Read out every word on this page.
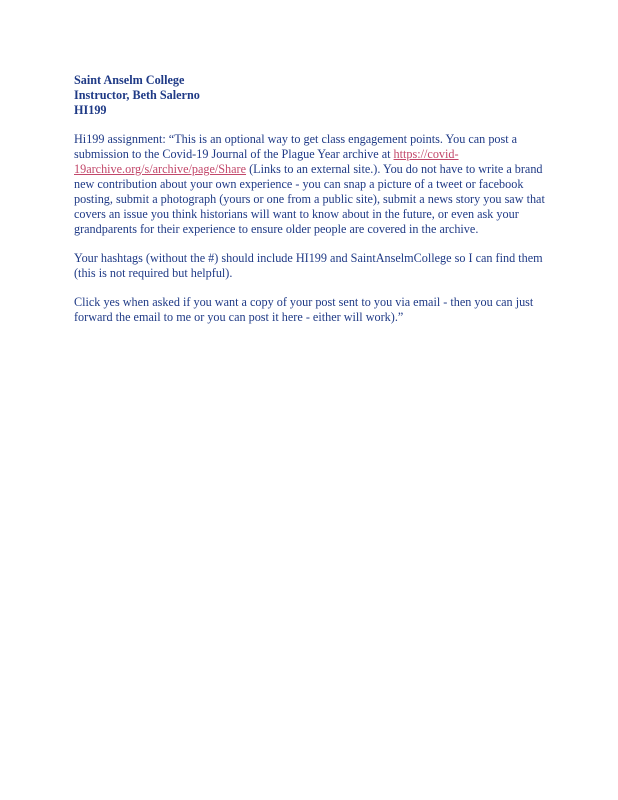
Saint Anselm College

Instructor, Beth Salerno

HI199

Hi199 assignment: “This is an optional way to get class engagement points. You can post a submission to the Covid-19 Journal of the Plague Year archive at https://covid-19archive.org/s/archive/page/Share (Links to an external site.). You do not have to write a brand new contribution about your own experience - you can snap a picture of a tweet or facebook posting, submit a photograph (yours or one from a public site), submit a news story you saw that covers an issue you think historians will want to know about in the future, or even ask your grandparents for their experience to ensure older people are covered in the archive.

Your hashtags (without the #) should include HI199 and SaintAnselmCollege so I can find them (this is not required but helpful).

Click yes when asked if you want a copy of your post sent to you via email - then you can just forward the email to me or you can post it here - either will work).”
